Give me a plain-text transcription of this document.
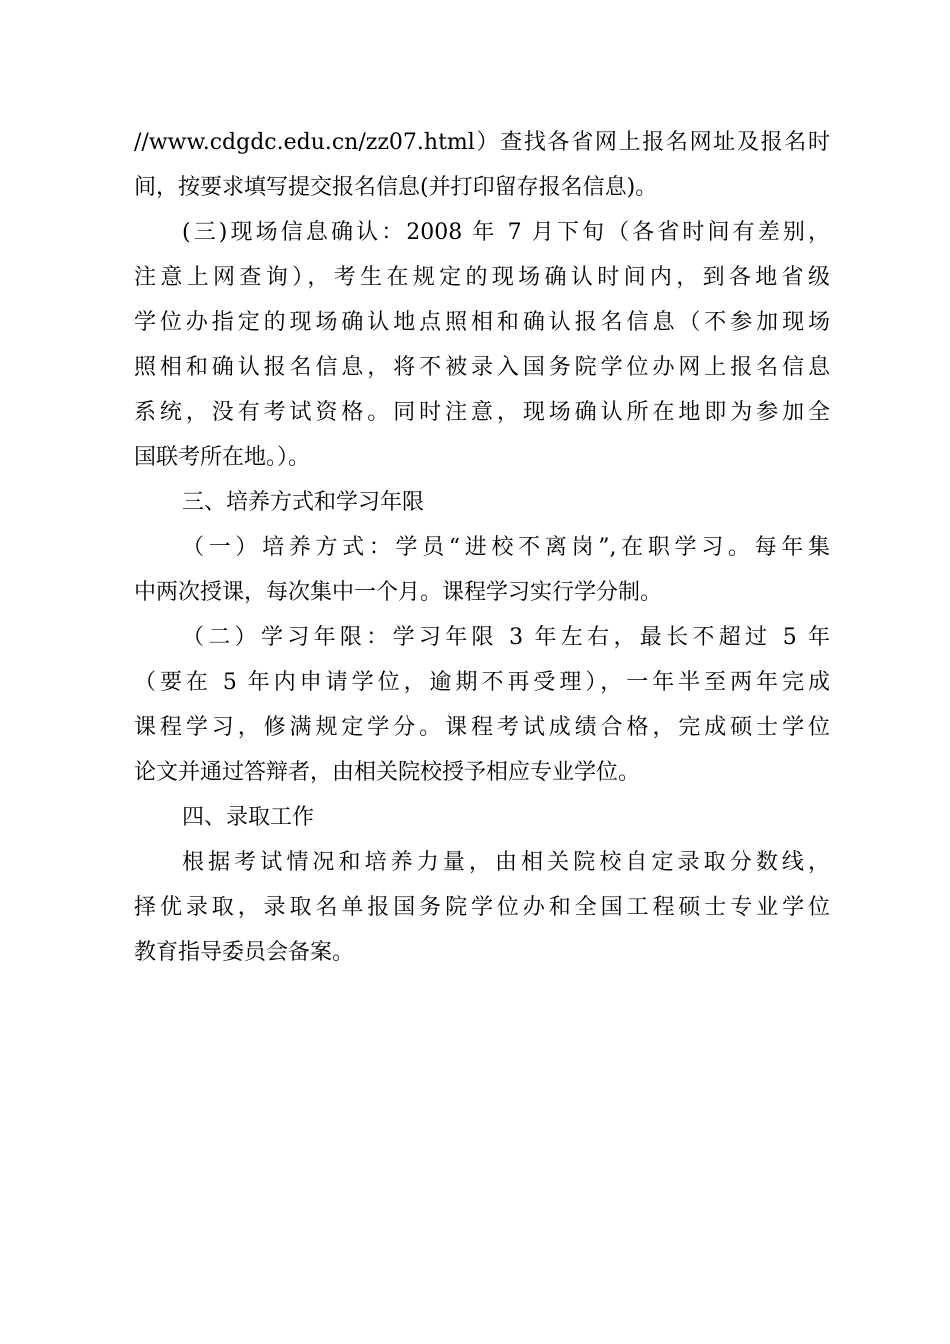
//www.cdgdc.edu.cn/zz07.html）查找各省网上报名网址及报名时
间，按要求填写提交报名信息(并打印留存报名信息)。
(三)现场信息确认：2008 年 7 月下旬（各省时间有差别，
注意上网查询），考生在规定的现场确认时间内，到各地省级
学位办指定的现场确认地点照相和确认报名信息（不参加现场
照相和确认报名信息，将不被录入国务院学位办网上报名信息
系统，没有考试资格。同时注意，现场确认所在地即为参加全
国联考所在地。）。
三、培养方式和学习年限
（一）培养方式：学员“进校不离岗”,在职学习。每年集
中两次授课，每次集中一个月。课程学习实行学分制。
（二）学习年限：学习年限 3 年左右，最长不超过 5 年
（要在 5 年内申请学位，逾期不再受理），一年半至两年完成
课程学习，修满规定学分。课程考试成绩合格，完成硕士学位
论文并通过答辩者，由相关院校授予相应专业学位。
四、录取工作
根据考试情况和培养力量，由相关院校自定录取分数线，
择优录取，录取名单报国务院学位办和全国工程硕士专业学位
教育指导委员会备案。
